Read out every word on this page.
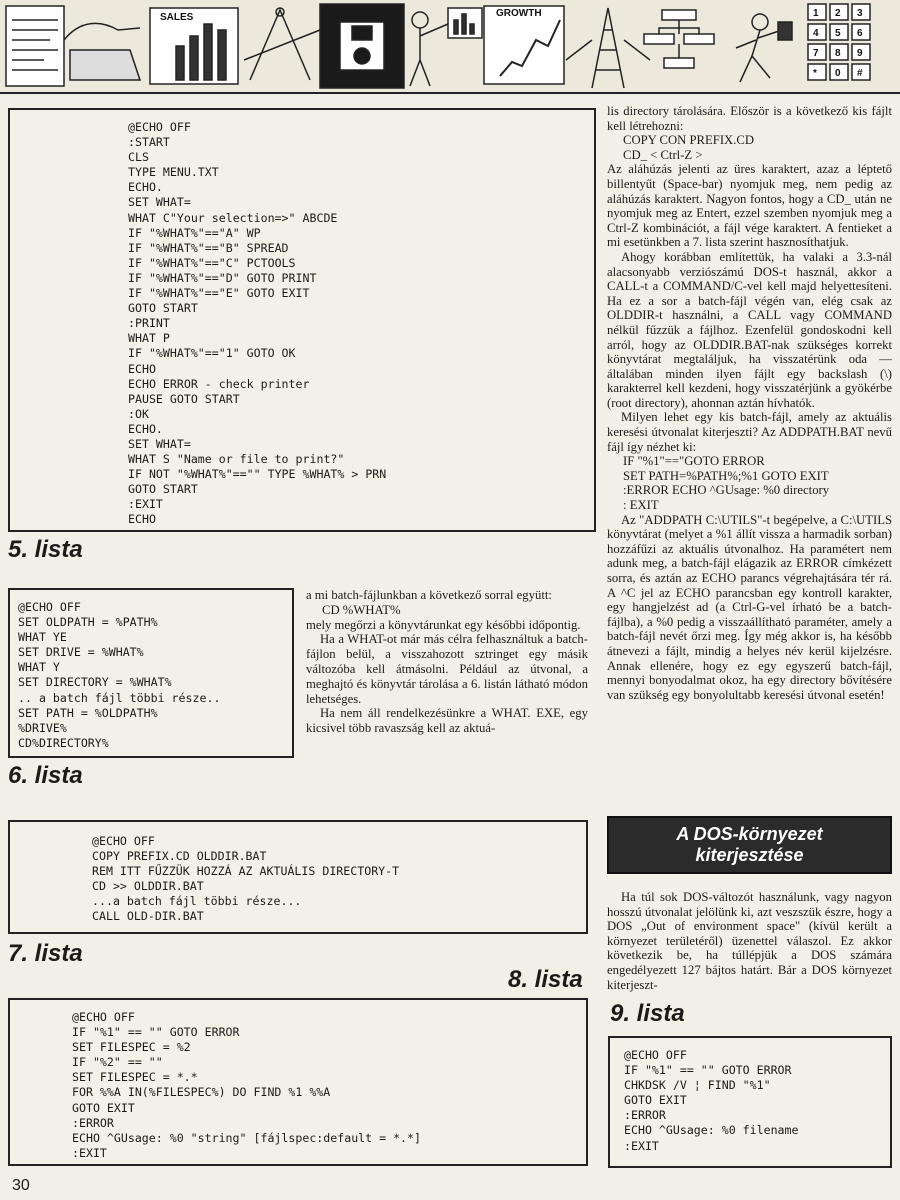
SALES	GROWTH	1 2 3
4 5 6
7 8 9
* 0 #
@ECHO OFF
:START
CLS
TYPE MENU.TXT
ECHO.
SET WHAT=
WHAT C"Your selection=>" ABCDE
IF "%WHAT%"=="A" WP
IF "%WHAT%"=="B" SPREAD
IF "%WHAT%"=="C" PCTOOLS
IF "%WHAT%"=="D" GOTO PRINT
IF "%WHAT%"=="E" GOTO EXIT
GOTO START
:PRINT
WHAT P
IF "%WHAT%"=="1" GOTO OK
ECHO
ECHO ERROR - check printer
PAUSE GOTO START
:OK
ECHO.
SET WHAT=
WHAT S "Name or file to print?"
IF NOT "%WHAT%"=="" TYPE %WHAT% > PRN
GOTO START
:EXIT
ECHO
5. lista
@ECHO OFF
SET OLDPATH = %PATH%
WHAT YE
SET DRIVE = %WHAT%
WHAT Y
SET DIRECTORY = %WHAT%
.. a batch fájl többi része..
SET PATH = %OLDPATH%
%DRIVE%
CD%DIRECTORY%
6. lista

a mi batch-fájlunkban a következő sorral együtt:

CD %WHAT%

mely megőrzi a könyvtárunkat egy későbbi időpontig.

Ha a WHAT-ot már más célra felhasználtuk a batch-fájlon belül, a visszahozott sztringet egy másik változóba kell átmásolni. Például az útvonal, a meghajtó és könyvtár tárolása a 6. listán látható módon lehetséges.

Ha nem áll rendelkezésünkre a WHAT. EXE, egy kicsivel több ravaszság kell az aktuá-

@ECHO OFF
COPY PREFIX.CD OLDDIR.BAT
REM ITT FŰZZÜK HOZZÁ AZ AKTUÁLIS DIRECTORY-T
CD >> OLDDIR.BAT
...a batch fájl többi része...
CALL OLD-DIR.BAT
7. lista
8. lista
@ECHO OFF
IF "%1" == "" GOTO ERROR
SET FILESPEC = %2
IF "%2" == ""
SET FILESPEC = *.*
FOR %%A IN(%FILESPEC%) DO FIND %1 %%A
GOTO EXIT
:ERROR
ECHO ^GUsage: %0 "string" [fájlspec:default = *.*]
:EXIT

lis directory tárolására. Először is a következő kis fájlt kell létrehozni:

COPY CON PREFIX.CD

CD_ < Ctrl-Z >

Az aláhúzás jelenti az üres karaktert, azaz a léptető billentyűt (Space-bar) nyomjuk meg, nem pedig az aláhúzás karaktert. Nagyon fontos, hogy a CD_ után ne nyomjuk meg az Entert, ezzel szemben nyomjuk meg a Ctrl-Z kombinációt, a fájl vége karaktert. A fentieket a mi esetünkben a 7. lista szerint hasznosíthatjuk.

Ahogy korábban említettük, ha valaki a 3.3-nál alacsonyabb verziószámú DOS-t használ, akkor a CALL-t a COMMAND/C-vel kell majd helyettesíteni. Ha ez a sor a batch-fájl végén van, elég csak az OLDDIR-t használni, a CALL vagy COMMAND nélkül fűzzük a fájlhoz. Ezenfelül gondoskodni kell arról, hogy az OLDDIR.BAT-nak szükséges korrekt könyvtárat megtaláljuk, ha visszatérünk oda — általában minden ilyen fájlt egy backslash (\) karakterrel kell kezdeni, hogy visszatérjünk a gyökérbe (root directory), ahonnan aztán hívhatók.

Milyen lehet egy kis batch-fájl, amely az aktuális keresési útvonalat kiterjeszti? Az ADDPATH.BAT nevű fájl így nézhet ki:

IF "%1"=="GOTO ERROR

SET PATH=%PATH%;%1 GOTO EXIT

:ERROR ECHO ^GUsage: %0 directory

: EXIT

Az "ADDPATH C:\UTILS"-t begépelve, a C:\UTILS könyvtárat (melyet a %1 állít vissza a harmadik sorban) hozzáfűzi az aktuális útvonalhoz. Ha paramétert nem adunk meg, a batch-fájl elágazik az ERROR címkézett sorra, és aztán az ECHO parancs végrehajtására tér rá. A ^C jel az ECHO parancsban egy kontroll karakter, egy hangjelzést ad (a Ctrl-G-vel írható be a batch-fájlba), a %0 pedig a visszaállítható paraméter, amely a batch-fájl nevét őrzi meg. Így még akkor is, ha később átnevezi a fájlt, mindig a helyes név kerül kijelzésre. Annak ellenére, hogy ez egy egyszerű batch-fájl, mennyi bonyodalmat okoz, ha egy directory bővítésére van szükség egy bonyolultabb keresési útvonal esetén!

A DOS-környezet
kiterjesztése

Ha túl sok DOS-változót használunk, vagy nagyon hosszú útvonalat jelölünk ki, azt veszszük észre, hogy a DOS „Out of environment space" (kívül került a környezet területéről) üzenettel válaszol. Ez akkor következik be, ha túllépjük a DOS számára engedélyezett 127 bájtos határt. Bár a DOS környezet kiterjeszt-

9. lista
@ECHO OFF
IF "%1" == "" GOTO ERROR
CHKDSK /V ¦ FIND "%1"
GOTO EXIT
:ERROR
ECHO ^GUsage: %0 filename
:EXIT
30
